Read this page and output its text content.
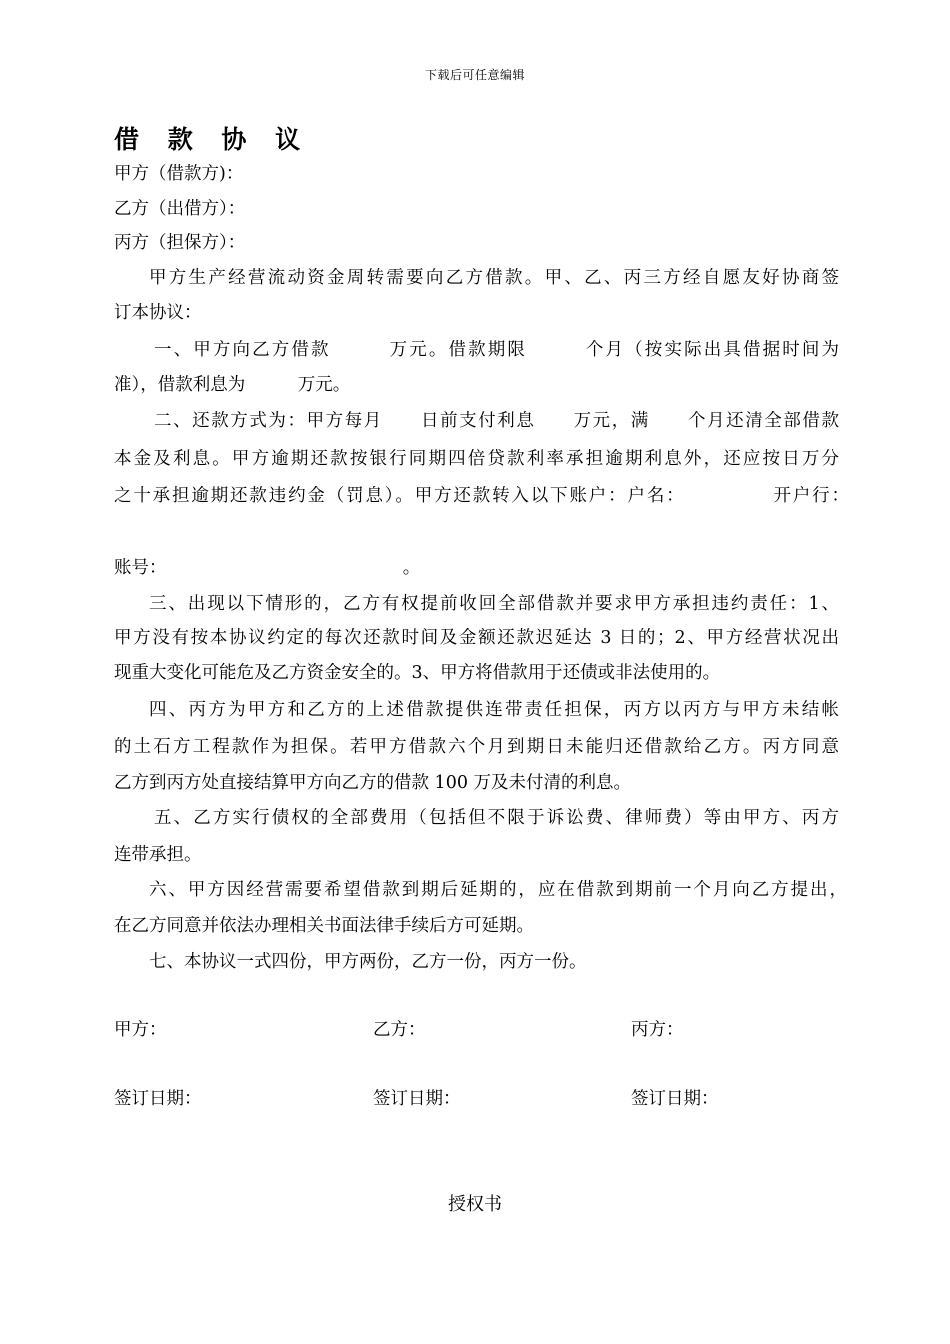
下载后可任意编辑
借 款 协 议
甲方（借款方)：
乙方（出借方）：
丙方（担保方）：
甲方生产经营流动资金周转需要向乙方借款。甲、乙、丙三方经自愿友好协商签
订本协议：
一、甲方向乙方借款　　　万元。借款期限　　　个月（按实际出具借据时间为
准），借款利息为　　　万元。
二、还款方式为：甲方每月　　日前支付利息　　万元，满　　个月还清全部借款
本金及利息。甲方逾期还款按银行同期四倍贷款利率承担逾期利息外，还应按日万分
之十承担逾期还款违约金（罚息）。甲方还款转入以下账户：户名：　　　　　开户行：
账号：　　　　　　　　　　　　　　。
三、出现以下情形的，乙方有权提前收回全部借款并要求甲方承担违约责任：1、
甲方没有按本协议约定的每次还款时间及金额还款迟延达 3 日的；2、甲方经营状况出
现重大变化可能危及乙方资金安全的。3、甲方将借款用于还债或非法使用的。
四、丙方为甲方和乙方的上述借款提供连带责任担保，丙方以丙方与甲方未结帐
的土石方工程款作为担保。若甲方借款六个月到期日未能归还借款给乙方。丙方同意
乙方到丙方处直接结算甲方向乙方的借款 100 万及未付清的利息。
五、乙方实行债权的全部费用（包括但不限于诉讼费、律师费）等由甲方、丙方
连带承担。
六、甲方因经营需要希望借款到期后延期的，应在借款到期前一个月向乙方提出，
在乙方同意并依法办理相关书面法律手续后方可延期。
七、本协议一式四份，甲方两份，乙方一份，丙方一份。
甲方：	乙方：	丙方：
签订日期：	签订日期：	签订日期：
授权书
